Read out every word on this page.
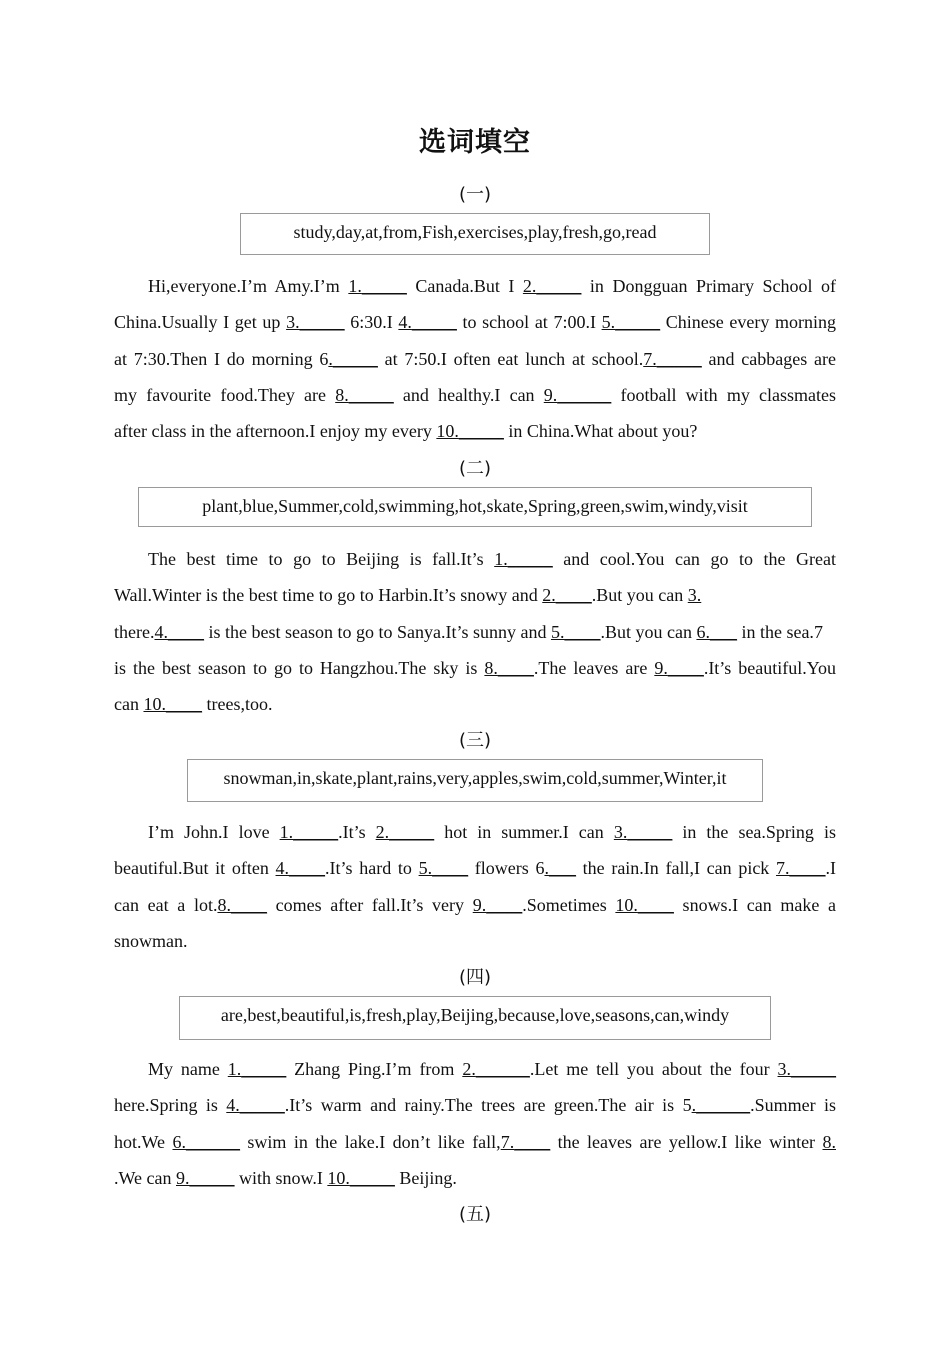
选词填空
(一)
study,day,at,from,Fish,exercises,play,fresh,go,read
Hi,everyone.I’m Amy.I’m 1._____ Canada.But I 2._____ in Dongguan Primary School of
China.Usually I get up 3._____ 6:30.I 4._____ to school at 7:00.I 5._____ Chinese every morning
at 7:30.Then I do morning 6._____ at 7:50.I often eat lunch at school.7._____ and cabbages are
my favourite food.They are 8._____ and healthy.I can 9.______ football with my classmates
after class in the afternoon.I enjoy my every 10._____ in China.What about you?
(二)
plant,blue,Summer,cold,swimming,hot,skate,Spring,green,swim,windy,visit
The best time to go to Beijing is fall.It’s 1._____ and cool.You can go to the Great
Wall.Winter is the best time to go to Harbin.It’s snowy and 2.____.But you can 3.
there.4.____ is the best season to go to Sanya.It’s sunny and 5.____.But you can 6.___ in the sea.7
is the best season to go to Hangzhou.The sky is 8.____.The leaves are 9.____.It’s beautiful.You
can 10.____ trees,too.
(三)
snowman,in,skate,plant,rains,very,apples,swim,cold,summer,Winter,it
I’m John.I love 1._____.It’s 2._____ hot in summer.I can 3._____ in the sea.Spring is
beautiful.But it often 4.____.It’s hard to 5.____ flowers 6.___ the rain.In fall,I can pick 7.____.I
can eat a lot.8.____ comes after fall.It’s very 9.____.Sometimes 10.____ snows.I can make a
snowman.
(四)
are,best,beautiful,is,fresh,play,Beijing,because,love,seasons,can,windy
My name 1._____ Zhang Ping.I’m from 2.______.Let me tell you about the four 3._____
here.Spring is 4._____.It’s warm and rainy.The trees are green.The air is 5.______.Summer is
hot.We 6.______ swim in the lake.I don’t like fall,7.____ the leaves are yellow.I like winter 8.
.We can 9._____ with snow.I 10._____ Beijing.
(五)
